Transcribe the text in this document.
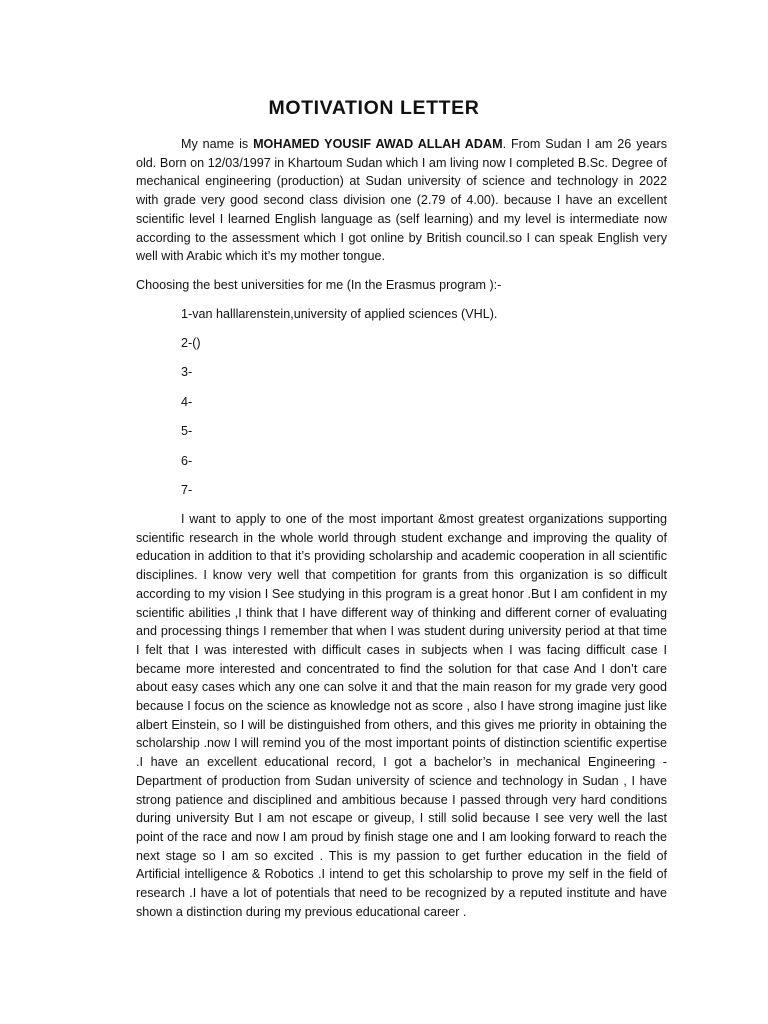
MOTIVATION LETTER

My name is MOHAMED YOUSIF AWAD ALLAH ADAM. From Sudan I am 26 years old. Born on 12/03/1997 in Khartoum Sudan which I am living now I completed B.Sc. Degree of mechanical engineering (production) at Sudan university of science and technology in 2022 with grade very good second class division one (2.79 of 4.00). because I have an excellent scientific level I learned English language as (self learning) and my level is intermediate now according to the assessment which I got online by British council.so I can speak English very well with Arabic which it’s my mother tongue.

Choosing the best universities for me (In the Erasmus program ):-
1-van halllarenstein,university of applied sciences (VHL).
2-()
3-
4-
5-
6-
7-

I want to apply to one of the most important &most greatest organizations supporting scientific research in the whole world through student exchange and improving the quality of education in addition to that it’s providing scholarship and academic cooperation in all scientific disciplines. I know very well that competition for grants from this organization is so difficult according to my vision I See studying in this program is a great honor .But I am confident in my scientific abilities ,I think that I have different way of thinking and different corner of evaluating and processing things I remember that when I was student during university period at that time I felt that I was interested with difficult cases in subjects when I was facing difficult case I became more interested and concentrated to find the solution for that case And I don’t care about easy cases which any one can solve it and that the main reason for my grade very good because I focus on the science as knowledge not as score , also I have strong imagine just like albert Einstein, so I will be distinguished from others, and this gives me priority in obtaining the scholarship .now I will remind you of the most important points of distinction scientific expertise .I have an excellent educational record, I got a bachelor’s in mechanical Engineering - Department of production from Sudan university of science and technology in Sudan , I have strong patience and disciplined and ambitious because I passed through very hard conditions during university But I am not escape or giveup, I still solid because I see very well the last point of the race and now I am proud by finish stage one and I am looking forward to reach the next stage so I am so excited . This is my passion to get further education in the field of Artificial intelligence & Robotics .I intend to get this scholarship to prove my self in the field of research .I have a lot of potentials that need to be recognized by a reputed institute and have shown a distinction during my previous educational career .
